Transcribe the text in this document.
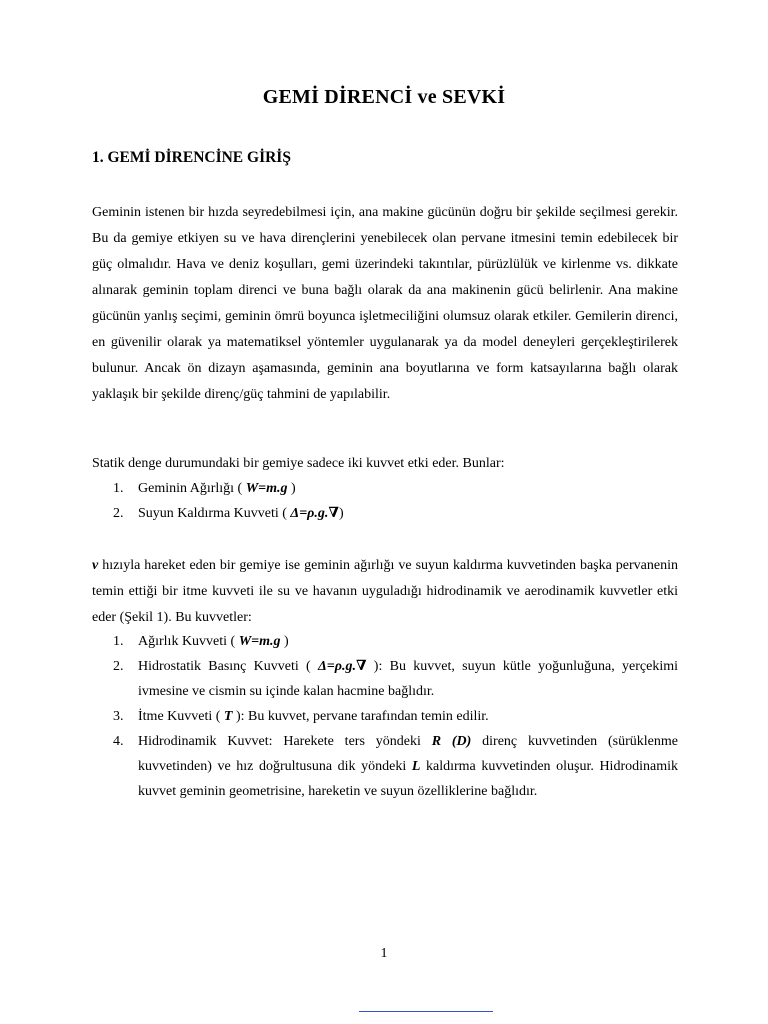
GEMİ DİRENCİ ve SEVKİ
1. GEMİ DİRENCİNE GİRİŞ

Geminin istenen bir hızda seyredebilmesi için, ana makine gücünün doğru bir şekilde seçilmesi gerekir. Bu da gemiye etkiyen su ve hava dirençlerini yenebilecek olan pervane itmesini temin edebilecek bir güç olmalıdır. Hava ve deniz koşulları, gemi üzerindeki takıntılar, pürüzlülük ve kirlenme vs. dikkate alınarak geminin toplam direnci ve buna bağlı olarak da ana makinenin gücü belirlenir. Ana makine gücünün yanlış seçimi, geminin ömrü boyunca işletmeciliğini olumsuz olarak etkiler. Gemilerin direnci, en güvenilir olarak ya matematiksel yöntemler uygulanarak ya da model deneyleri gerçekleştirilerek bulunur. Ancak ön dizayn aşamasında, geminin ana boyutlarına ve form katsayılarına bağlı olarak yaklaşık bir şekilde direnç/güç tahmini de yapılabilir.

Statik denge durumundaki bir gemiye sadece iki kuvvet etki eder. Bunlar:

1. Geminin Ağırlığı ( W=m.g )
2. Suyun Kaldırma Kuvveti ( Δ=ρ.g.∇)

v hızıyla hareket eden bir gemiye ise geminin ağırlığı ve suyun kaldırma kuvvetinden başka pervanenin temin ettiği bir itme kuvveti ile su ve havanın uyguladığı hidrodinamik ve aerodinamik kuvvetler etki eder (Şekil 1). Bu kuvvetler:

1. Ağırlık Kuvveti ( W=m.g )
2. Hidrostatik Basınç Kuvveti ( Δ=ρ.g.∇ ): Bu kuvvet, suyun kütle yoğunluğuna, yerçekimi ivmesine ve cismin su içinde kalan hacmine bağlıdır.
3. İtme Kuvveti ( T ): Bu kuvvet, pervane tarafından temin edilir.
4. Hidrodinamik Kuvvet: Harekete ters yöndeki R (D) direnç kuvvetinden (sürüklenme kuvvetinden) ve hız doğrultusuna dik yöndeki L kaldırma kuvvetinden oluşur. Hidrodinamik kuvvet geminin geometrisine, hareketin ve suyun özelliklerine bağlıdır.
1
